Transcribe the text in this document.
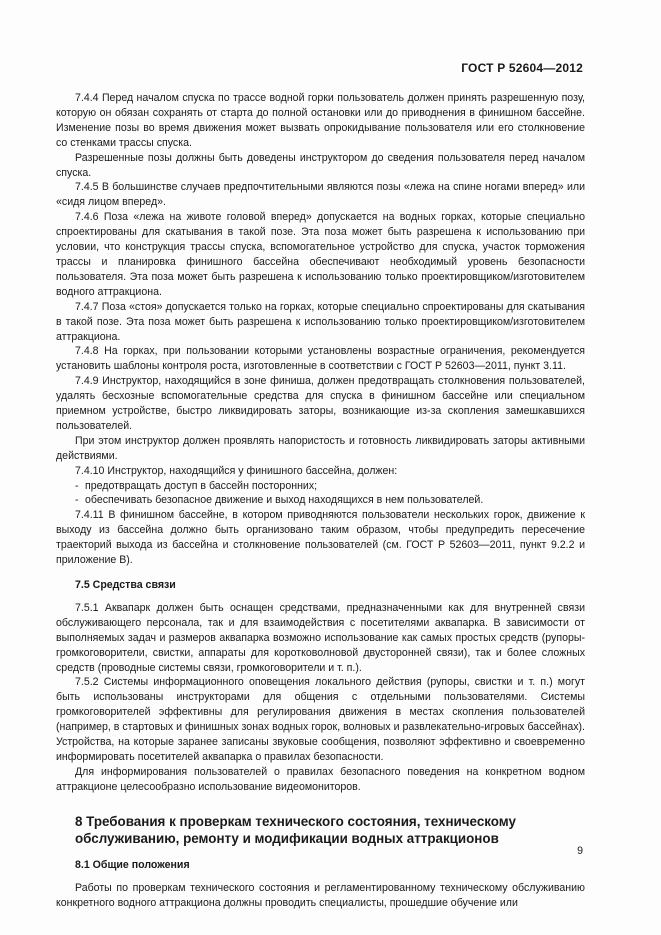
ГОСТ Р 52604—2012

7.4.4 Перед началом спуска по трассе водной горки пользователь должен принять разрешенную позу, которую он обязан сохранять от старта до полной остановки или до приводнения в финишном бассейне. Изменение позы во время движения может вызвать опрокидывание пользователя или его столкновение со стенками трассы спуска.

Разрешенные позы должны быть доведены инструктором до сведения пользователя перед началом спуска.

7.4.5 В большинстве случаев предпочтительными являются позы «лежа на спине ногами вперед» или «сидя лицом вперед».

7.4.6 Поза «лежа на животе головой вперед» допускается на водных горках, которые специально спроектированы для скатывания в такой позе. Эта поза может быть разрешена к использованию при условии, что конструкция трассы спуска, вспомогательное устройство для спуска, участок торможения трассы и планировка финишного бассейна обеспечивают необходимый уровень безопасности пользователя. Эта поза может быть разрешена к использованию только проектировщиком/изготовителем водного аттракциона.

7.4.7 Поза «стоя» допускается только на горках, которые специально спроектированы для скатывания в такой позе. Эта поза может быть разрешена к использованию только проектировщиком/изготовителем аттракциона.

7.4.8 На горках, при пользовании которыми установлены возрастные ограничения, рекомендуется установить шаблоны контроля роста, изготовленные в соответствии с ГОСТ Р 52603—2011, пункт 3.11.

7.4.9 Инструктор, находящийся в зоне финиша, должен предотвращать столкновения пользователей, удалять бесхозные вспомогательные средства для спуска в финишном бассейне или специальном приемном устройстве, быстро ликвидировать заторы, возникающие из-за скопления замешкавшихся пользователей.

При этом инструктор должен проявлять напористость и готовность ликвидировать заторы активными действиями.

7.4.10 Инструктор, находящийся у финишного бассейна, должен:

- предотвращать доступ в бассейн посторонних;

- обеспечивать безопасное движение и выход находящихся в нем пользователей.

7.4.11 В финишном бассейне, в котором приводняются пользователи нескольких горок, движение к выходу из бассейна должно быть организовано таким образом, чтобы предупредить пересечение траекторий выхода из бассейна и столкновение пользователей (см. ГОСТ Р 52603—2011, пункт 9.2.2 и приложение В).

7.5 Средства связи

7.5.1 Аквапарк должен быть оснащен средствами, предназначенными как для внутренней связи обслуживающего персонала, так и для взаимодействия с посетителями аквапарка. В зависимости от выполняемых задач и размеров аквапарка возможно использование как самых простых средств (рупоры-громкоговорители, свистки, аппараты для коротковолновой двусторонней связи), так и более сложных средств (проводные системы связи, громкоговорители и т. п.).

7.5.2 Системы информационного оповещения локального действия (рупоры, свистки и т. п.) могут быть использованы инструкторами для общения с отдельными пользователями. Системы громкоговорителей эффективны для регулирования движения в местах скопления пользователей (например, в стартовых и финишных зонах водных горок, волновых и развлекательно-игровых бассейнах). Устройства, на которые заранее записаны звуковые сообщения, позволяют эффективно и своевременно информировать посетителей аквапарка о правилах безопасности.

Для информирования пользователей о правилах безопасного поведения на конкретном водном аттракционе целесообразно использование видеомониторов.

8 Требования к проверкам технического состояния, техническому

обслуживанию, ремонту и модификации водных аттракционов

8.1 Общие положения

Работы по проверкам технического состояния и регламентированному техническому обслуживанию конкретного водного аттракциона должны проводить специалисты, прошедшие обучение или

9
